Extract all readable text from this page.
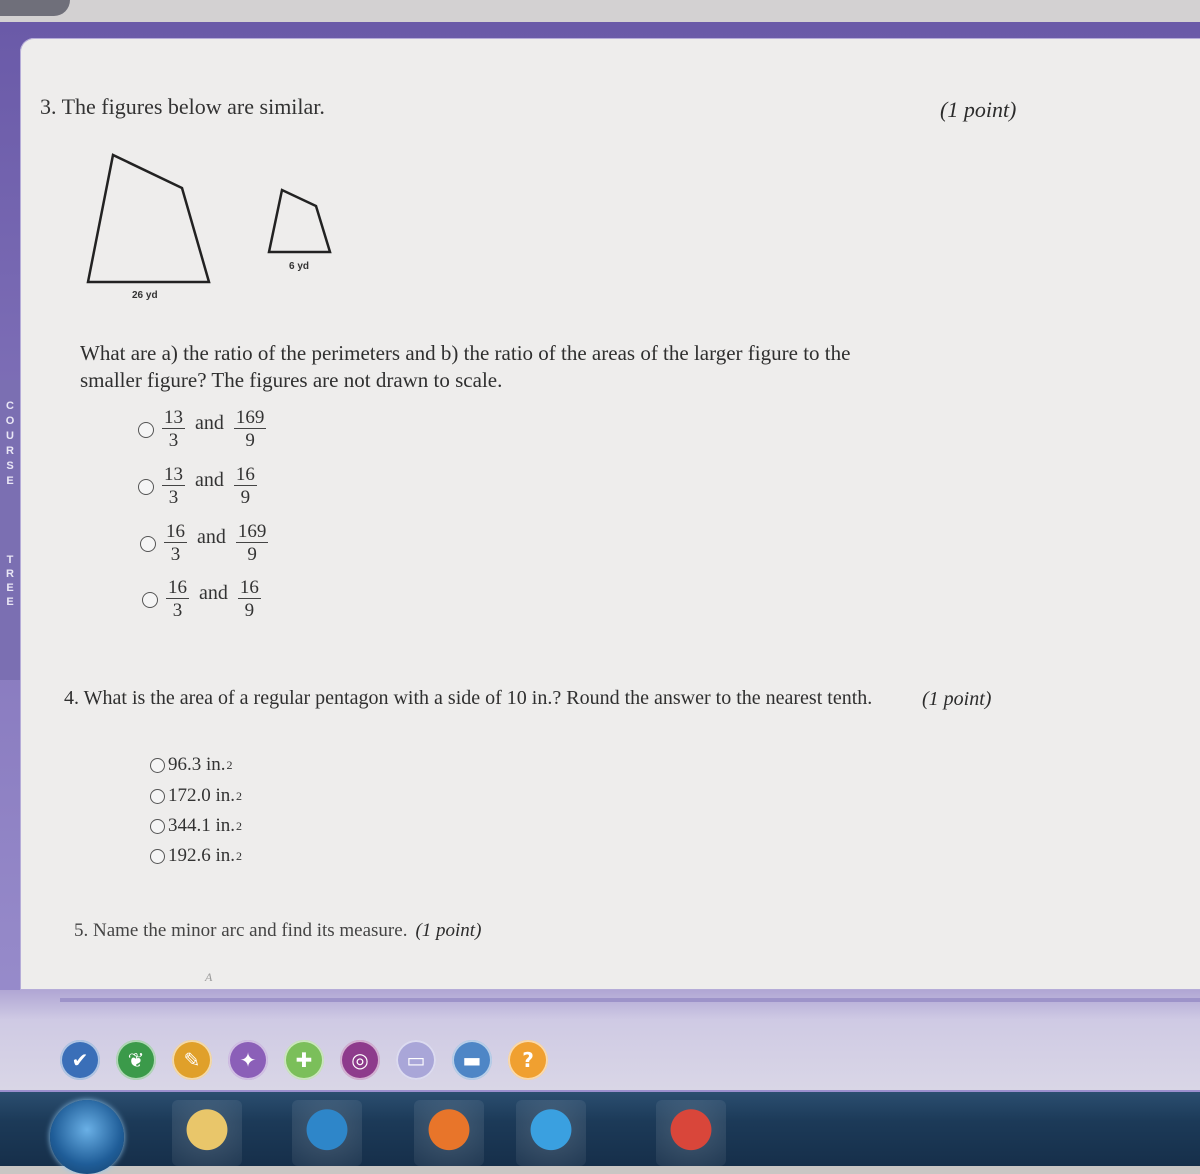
3. The figures below are similar.	(1 point)
26 yd
6 yd
What are a) the ratio of the perimeters and b) the ratio of the areas of the larger figure to the smaller figure? The figures are not drawn to scale.
$\frac{13}{3}$ and $\frac{169}{9}$
$\frac{13}{3}$ and $\frac{16}{9}$
$\frac{16}{3}$ and $\frac{169}{9}$
$\frac{16}{3}$ and $\frac{16}{9}$
4. What is the area of a regular pentagon with a side of 10 in.? Round the answer to the nearest tenth.	(1 point)
96.3 in. 2
172.0 in. 2
344.1 in. 2
192.6 in. 2
5. Name the minor arc and find its measure. (1 point)
A
✔	❦	✎	✦	✚	◎	▭	▬	?
C
O
U
R
S
E
T
R
E
E
